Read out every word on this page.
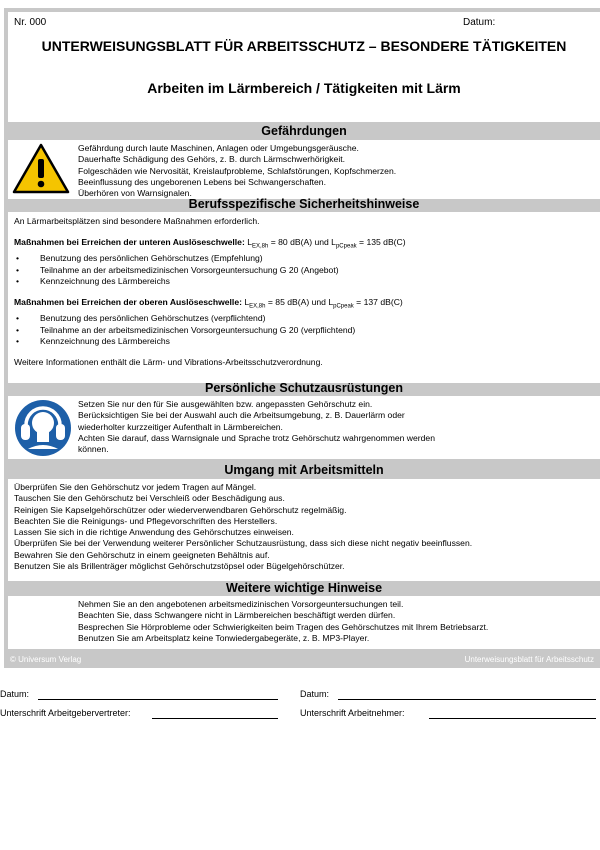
Nr. 000	Datum:
UNTERWEISUNGSBLATT FÜR ARBEITSSCHUTZ – BESONDERE TÄTIGKEITEN
Arbeiten im Lärmbereich / Tätigkeiten mit Lärm
Gefährdungen
Gefährdung durch laute Maschinen, Anlagen oder Umgebungsgeräusche.
Dauerhafte Schädigung des Gehörs, z. B. durch Lärmschwerhörigkeit.
Folgeschäden wie Nervosität, Kreislaufprobleme, Schlafstörungen, Kopfschmerzen.
Beeinflussung des ungeborenen Lebens bei Schwangerschaften.
Überhören von Warnsignalen.
Berufsspezifische Sicherheitshinweise
An Lärmarbeitsplätzen sind besondere Maßnahmen erforderlich.
Maßnahmen bei Erreichen der unteren Auslöseschwelle: $L_{EX,8h} = 80$ dB(A) und $L_{pCpeak} = 135$ dB(C)
• Benutzung des persönlichen Gehörschutzes (Empfehlung)
• Teilnahme an der arbeitsmedizinischen Vorsorgeuntersuchung G 20 (Angebot)
• Kennzeichnung des Lärmbereichs
Maßnahmen bei Erreichen der oberen Auslöseschwelle: $L_{EX,8h} = 85$ dB(A) und $L_{pCpeak} = 137$ dB(C)
• Benutzung des persönlichen Gehörschutzes (verpflichtend)
• Teilnahme an der arbeitsmedizinischen Vorsorgeuntersuchung G 20 (verpflichtend)
• Kennzeichnung des Lärmbereichs
Weitere Informationen enthält die Lärm- und Vibrations-Arbeitsschutzverordnung.
Persönliche Schutzausrüstungen
Setzen Sie nur den für Sie ausgewählten bzw. angepassten Gehörschutz ein.
Berücksichtigen Sie bei der Auswahl auch die Arbeitsumgebung, z. B. Dauerlärm oder
wiederholter kurzzeitiger Aufenthalt in Lärmbereichen.
Achten Sie darauf, dass Warnsignale und Sprache trotz Gehörschutz wahrgenommen werden
können.
Umgang mit Arbeitsmitteln
Überprüfen Sie den Gehörschutz vor jedem Tragen auf Mängel.
Tauschen Sie den Gehörschutz bei Verschleiß oder Beschädigung aus.
Reinigen Sie Kapselgehörschützer oder wiederverwendbaren Gehörschutz regelmäßig.
Beachten Sie die Reinigungs- und Pflegevorschriften des Herstellers.
Lassen Sie sich in die richtige Anwendung des Gehörschutzes einweisen.
Überprüfen Sie bei der Verwendung weiterer Persönlicher Schutzausrüstung, dass sich diese nicht negativ beeinflussen.
Bewahren Sie den Gehörschutz in einem geeigneten Behältnis auf.
Benutzen Sie als Brillenträger möglichst Gehörschutzstöpsel oder Bügelgehörschützer.
Weitere wichtige Hinweise
Nehmen Sie an den angebotenen arbeitsmedizinischen Vorsorgeuntersuchungen teil.
Beachten Sie, dass Schwangere nicht in Lärmbereichen beschäftigt werden dürfen.
Besprechen Sie Hörprobleme oder Schwierigkeiten beim Tragen des Gehörschutzes mit Ihrem Betriebsarzt.
Benutzen Sie am Arbeitsplatz keine Tonwiedergabegeräte, z. B. MP3-Player.
© Universum Verlag	Unterweisungsblatt für Arbeitsschutz
Datum:	Datum:
Unterschrift Arbeitgebervertreter:	Unterschrift Arbeitnehmer:
